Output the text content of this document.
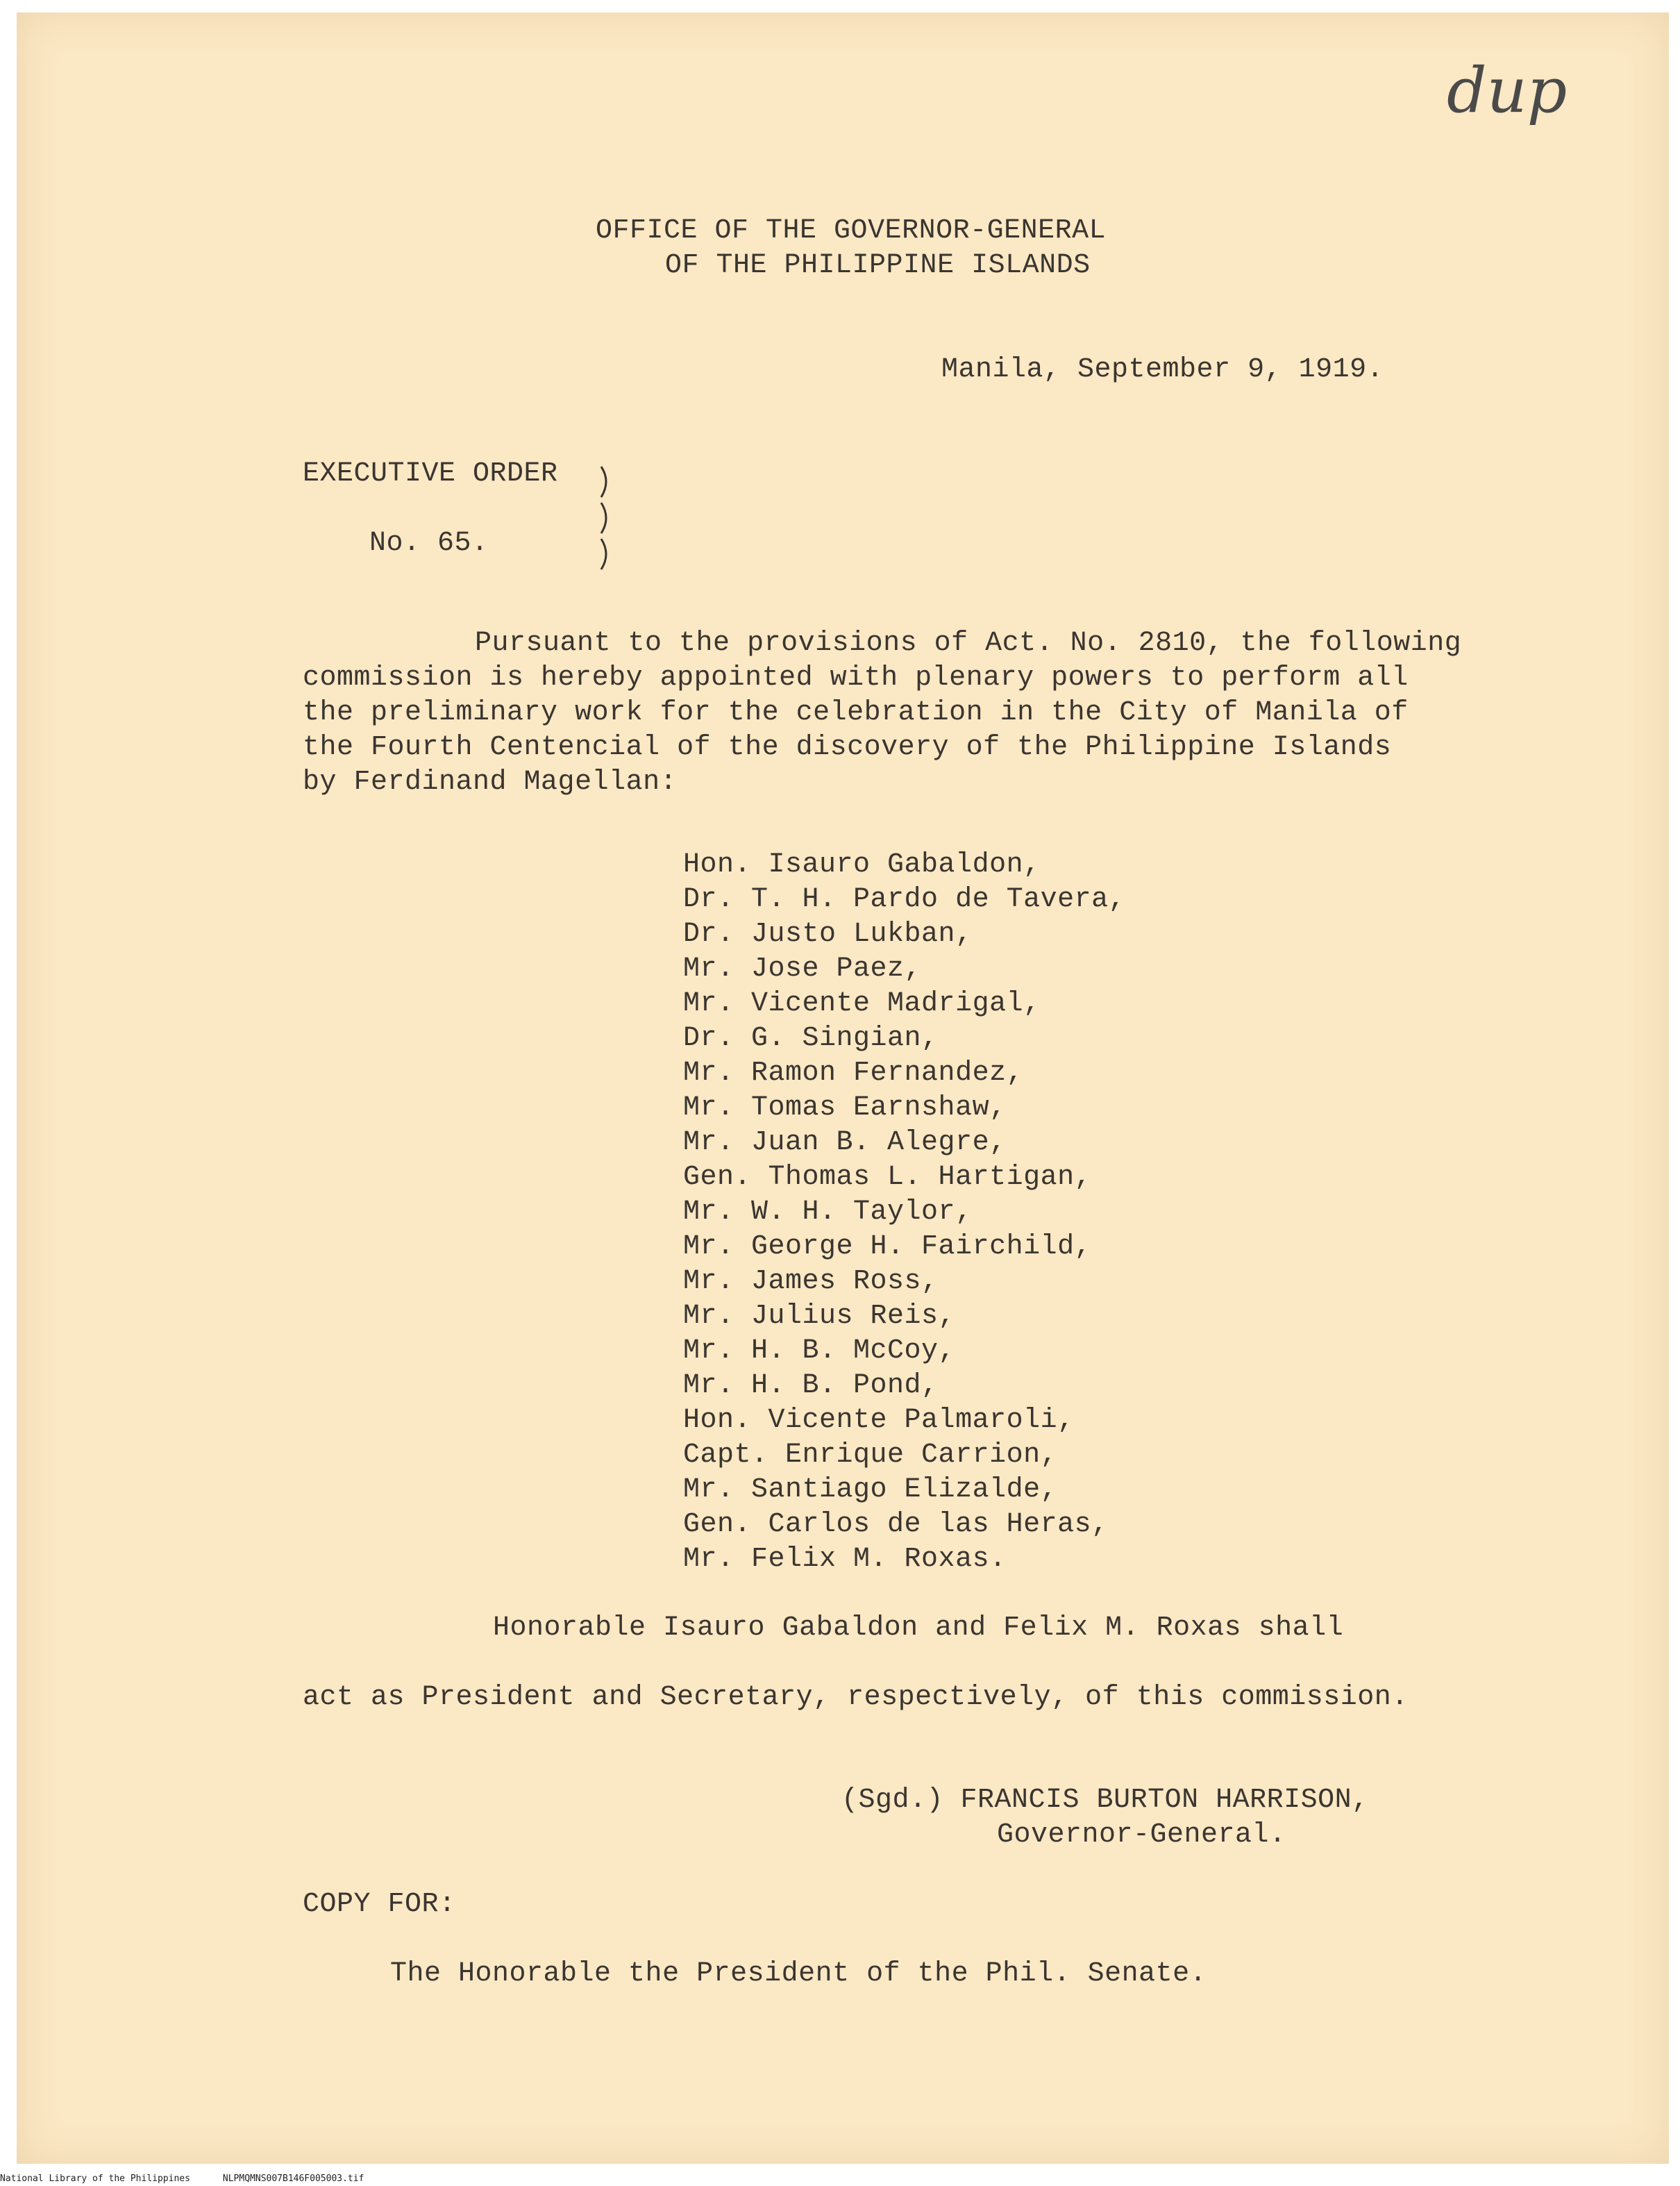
dup
OFFICE OF THE GOVERNOR-GENERAL
OF THE PHILIPPINE ISLANDS
Manila, September 9, 1919.
EXECUTIVE ORDER
No. 65.
Pursuant to the provisions of Act. No. 2810, the following
commission is hereby appointed with plenary powers to perform all
the preliminary work for the celebration in the City of Manila of
the Fourth Centencial of the discovery of the Philippine Islands
by Ferdinand Magellan:
Hon. Isauro Gabaldon,
Dr. T. H. Pardo de Tavera,
Dr. Justo Lukban,
Mr. Jose Paez,
Mr. Vicente Madrigal,
Dr. G. Singian,
Mr. Ramon Fernandez,
Mr. Tomas Earnshaw,
Mr. Juan B. Alegre,
Gen. Thomas L. Hartigan,
Mr. W. H. Taylor,
Mr. George H. Fairchild,
Mr. James Ross,
Mr. Julius Reis,
Mr. H. B. McCoy,
Mr. H. B. Pond,
Hon. Vicente Palmaroli,
Capt. Enrique Carrion,
Mr. Santiago Elizalde,
Gen. Carlos de las Heras,
Mr. Felix M. Roxas.
Honorable Isauro Gabaldon and Felix M. Roxas shall
act as President and Secretary, respectively, of this commission.
(Sgd.) FRANCIS BURTON HARRISON,
Governor-General.
COPY FOR:
The Honorable the President of the Phil. Senate.
National Library of the Philippines	NLPMQMNS007B146F005003.tif
